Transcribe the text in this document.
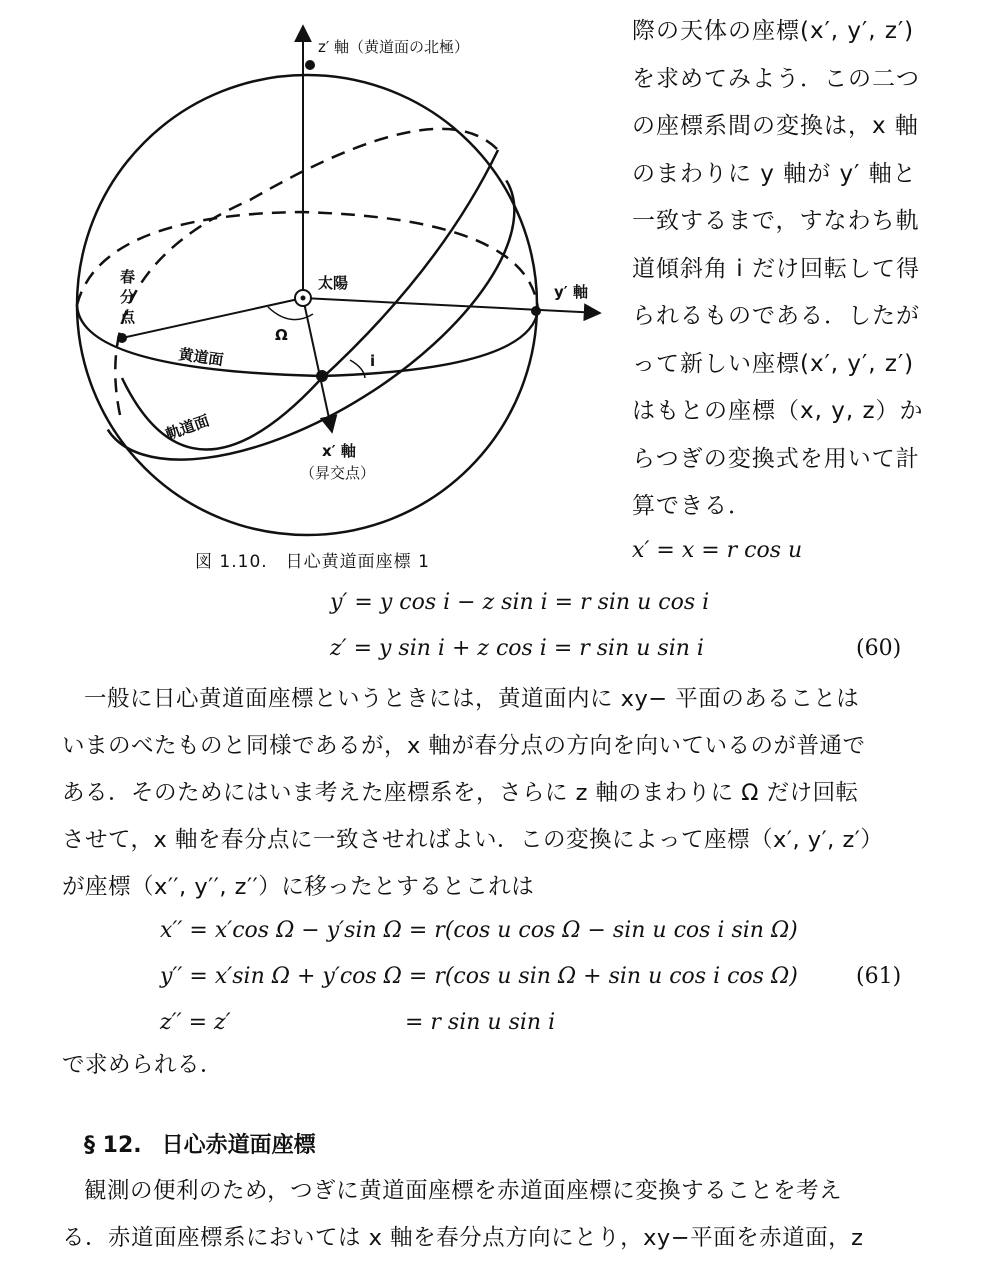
z′ 軸（黄道面の北極）
y′ 軸
太陽
春
分
点
Ω
黄道面	i
軌道面
x′ 軸
（昇交点）
図 1.10.　日心黄道面座標 1
際の天体の座標(x′, y′, z′)
を求めてみよう．この二つ
の座標系間の変換は，x 軸
のまわりに y 軸が y′ 軸と
一致するまで，すなわち軌
道傾斜角 i だけ回転して得
られるものである．したが
って新しい座標(x′, y′, z′)
はもとの座標（x, y, z）か
らつぎの変換式を用いて計
算できる．
x′ = x = r cos u
y′ = y cos i − z sin i = r sin u cos i
z′ = y sin i + z cos i = r sin u sin i	(60)
一般に日心黄道面座標というときには，黄道面内に xy− 平面のあることは
いまのべたものと同様であるが，x 軸が春分点の方向を向いているのが普通で
ある．そのためにはいま考えた座標系を，さらに z 軸のまわりに Ω だけ回転
させて，x 軸を春分点に一致させればよい．この変換によって座標（x′, y′, z′）
が座標（x′′, y′′, z′′）に移ったとするとこれは
x′′ = x′cos Ω − y′sin Ω = r(cos u cos Ω − sin u cos i sin Ω)
y′′ = x′sin Ω + y′cos Ω = r(cos u sin Ω + sin u cos i cos Ω)	(61)
z′′ = z′	= r sin u sin i
で求められる．
§ 12. 日心赤道面座標
観測の便利のため，つぎに黄道面座標を赤道面座標に変換することを考え
る．赤道面座標系においては x 軸を春分点方向にとり，xy−平面を赤道面，z
